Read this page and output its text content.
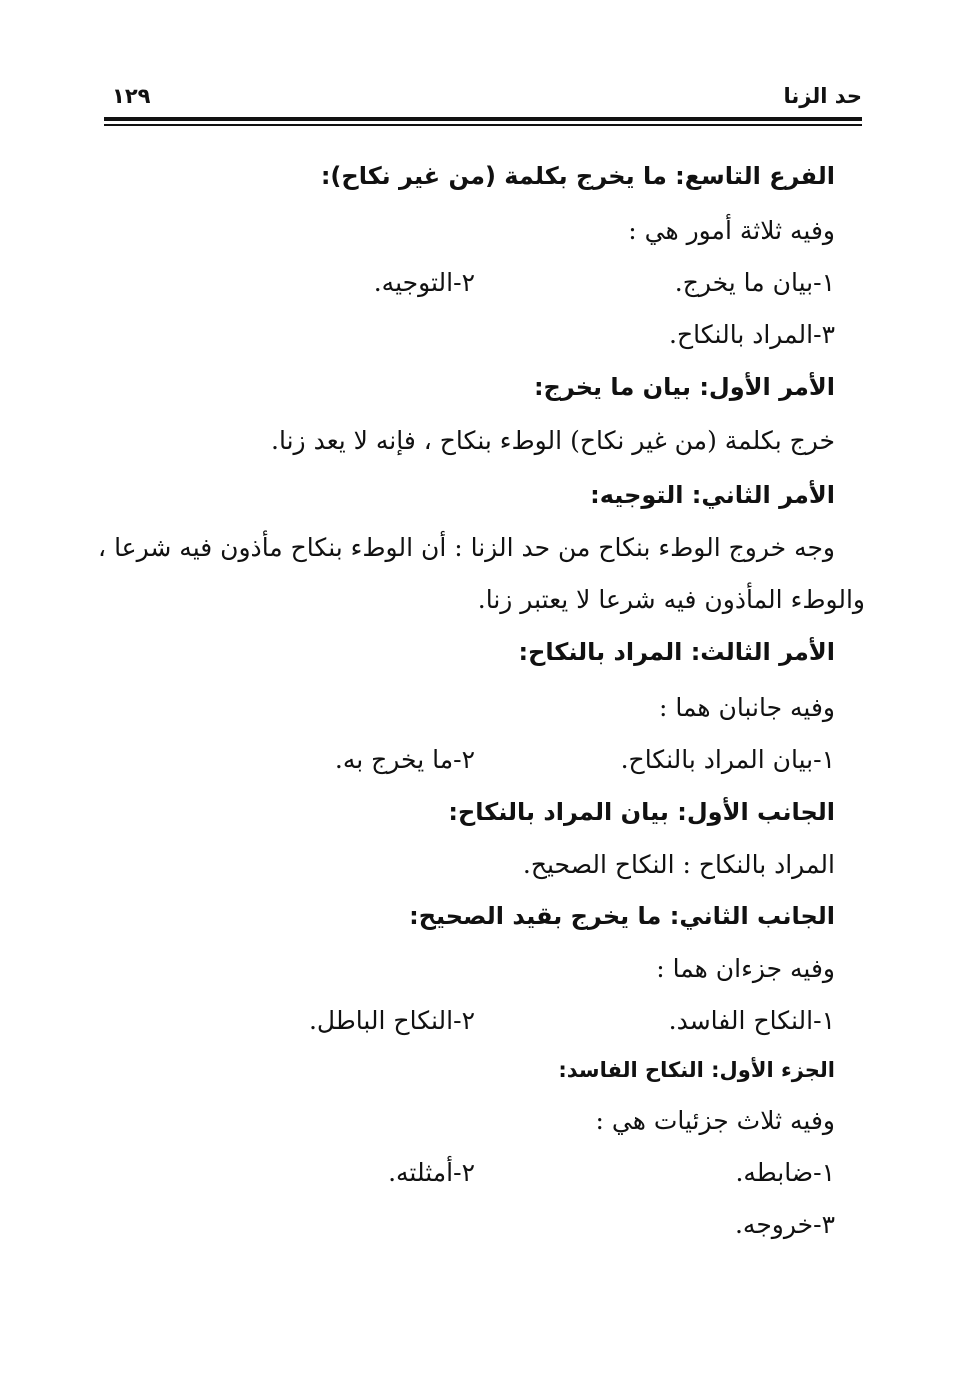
حد الزنا
١٢٩
الفرع التاسع: ما يخرج بكلمة (من غير نكاح):
وفيه ثلاثة أمور هي :
١-بيان ما يخرج.
٢-التوجيه.
٣-المراد بالنكاح.
الأمر الأول: بيان ما يخرج:
خرج بكلمة (من غير نكاح) الوطء بنكاح ، فإنه لا يعد زنا.
الأمر الثاني: التوجيه:
وجه خروج الوطء بنكاح من حد الزنا : أن الوطء بنكاح مأذون فيه شرعا ،
والوطء المأذون فيه شرعا لا يعتبر زنا.
الأمر الثالث: المراد بالنكاح:
وفيه جانبان هما :
١-بيان المراد بالنكاح.
٢-ما يخرج به.
الجانب الأول: بيان المراد بالنكاح:
المراد بالنكاح : النكاح الصحيح.
الجانب الثاني: ما يخرج بقيد الصحيح:
وفيه جزءان هما :
١-النكاح الفاسد.
٢-النكاح الباطل.
الجزء الأول: النكاح الفاسد:
وفيه ثلاث جزئيات هي :
١-ضابطه.
٢-أمثلته.
٣-خروجه.
